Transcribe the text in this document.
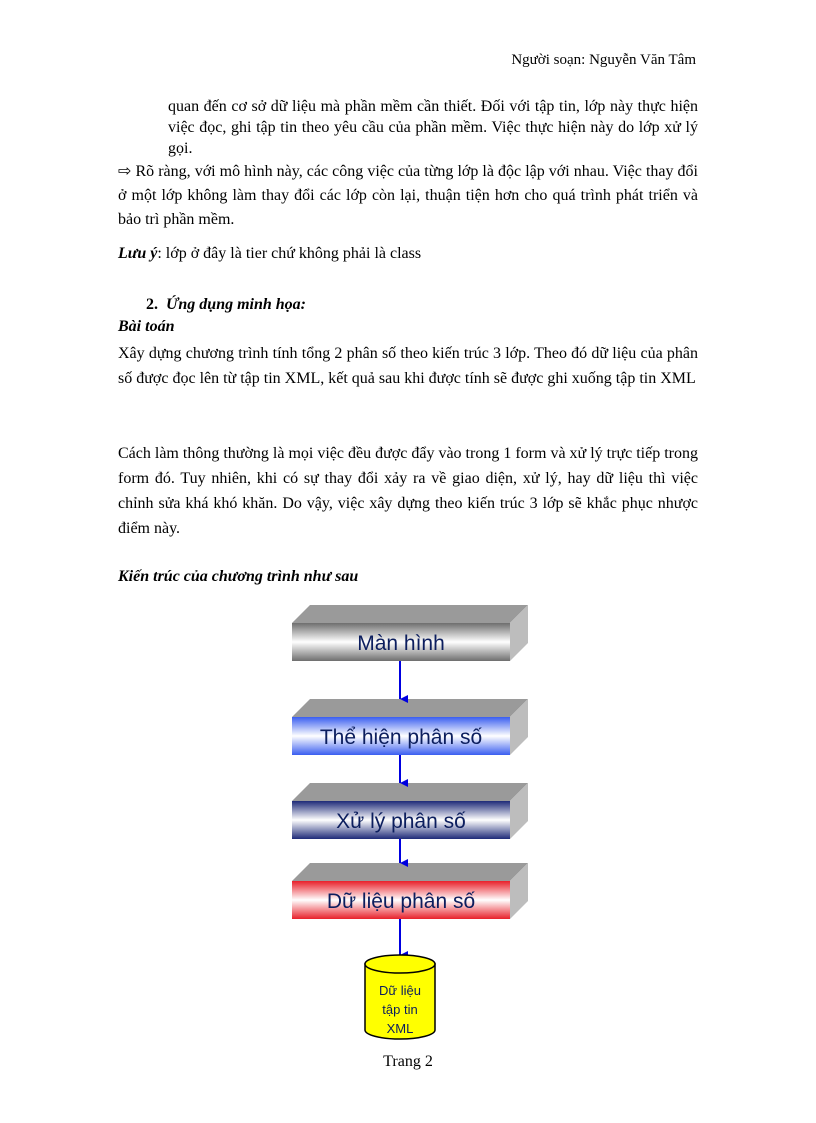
Người soạn: Nguyễn Văn Tâm
quan đến cơ sở dữ liệu mà phần mềm cần thiết. Đối với tập tin, lớp này thực hiện việc đọc, ghi tập tin theo yêu cầu của phần mềm. Việc thực hiện này do lớp xử lý gọi.
⇨ Rõ ràng, với mô hình này, các công việc của từng lớp là độc lập với nhau. Việc thay đổi ở một lớp không làm thay đổi các lớp còn lại, thuận tiện hơn cho quá trình phát triển và bảo trì phần mềm.
Lưu ý: lớp ở đây là tier chứ không phải là class
2. Ứng dụng minh họa:
Bài toán
Xây dựng chương trình tính tổng 2 phân số theo kiến trúc 3 lớp. Theo đó dữ liệu của phân số được đọc lên từ tập tin XML, kết quả sau khi được tính sẽ được ghi xuống tập tin XML
Cách làm thông thường là mọi việc đều được đẩy vào trong 1 form và xử lý trực tiếp trong form đó. Tuy nhiên, khi có sự thay đổi xảy ra về giao diện, xử lý, hay dữ liệu thì việc chỉnh sửa khá khó khăn. Do vậy, việc xây dựng theo kiến trúc 3 lớp sẽ khắc phục nhược điểm này.
Kiến trúc của chương trình như sau
Màn hình
Thể hiện phân số
Xử lý phân số
Dữ liệu phân số
Dữ liệu
tập tin
XML
Trang 2
